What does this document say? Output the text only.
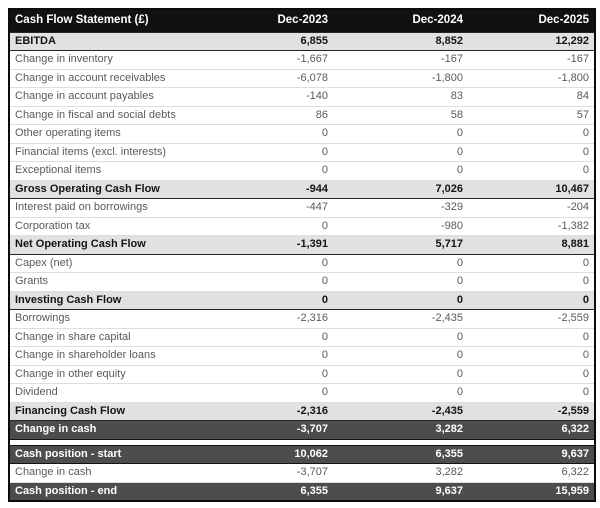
Cash Flow Statement (£)	Dec-2023	Dec-2024	Dec-2025
EBITDA	6,855	8,852	12,292
Change in inventory	-1,667	-167	-167
Change in account receivables	-6,078	-1,800	-1,800
Change in account payables	-140	83	84
Change in fiscal and social debts	86	58	57
Other operating items	0	0	0
Financial items (excl. interests)	0	0	0
Exceptional items	0	0	0
Gross Operating Cash Flow	-944	7,026	10,467
Interest paid on borrowings	-447	-329	-204
Corporation tax	0	-980	-1,382
Net Operating Cash Flow	-1,391	5,717	8,881
Capex (net)	0	0	0
Grants	0	0	0
Investing Cash Flow	0	0	0
Borrowings	-2,316	-2,435	-2,559
Change in share capital	0	0	0
Change in shareholder loans	0	0	0
Change in other equity	0	0	0
Dividend	0	0	0
Financing Cash Flow	-2,316	-2,435	-2,559
Change in cash	-3,707	3,282	6,322

Cash position - start	10,062	6,355	9,637
Change in cash	-3,707	3,282	6,322
Cash position - end	6,355	9,637	15,959
